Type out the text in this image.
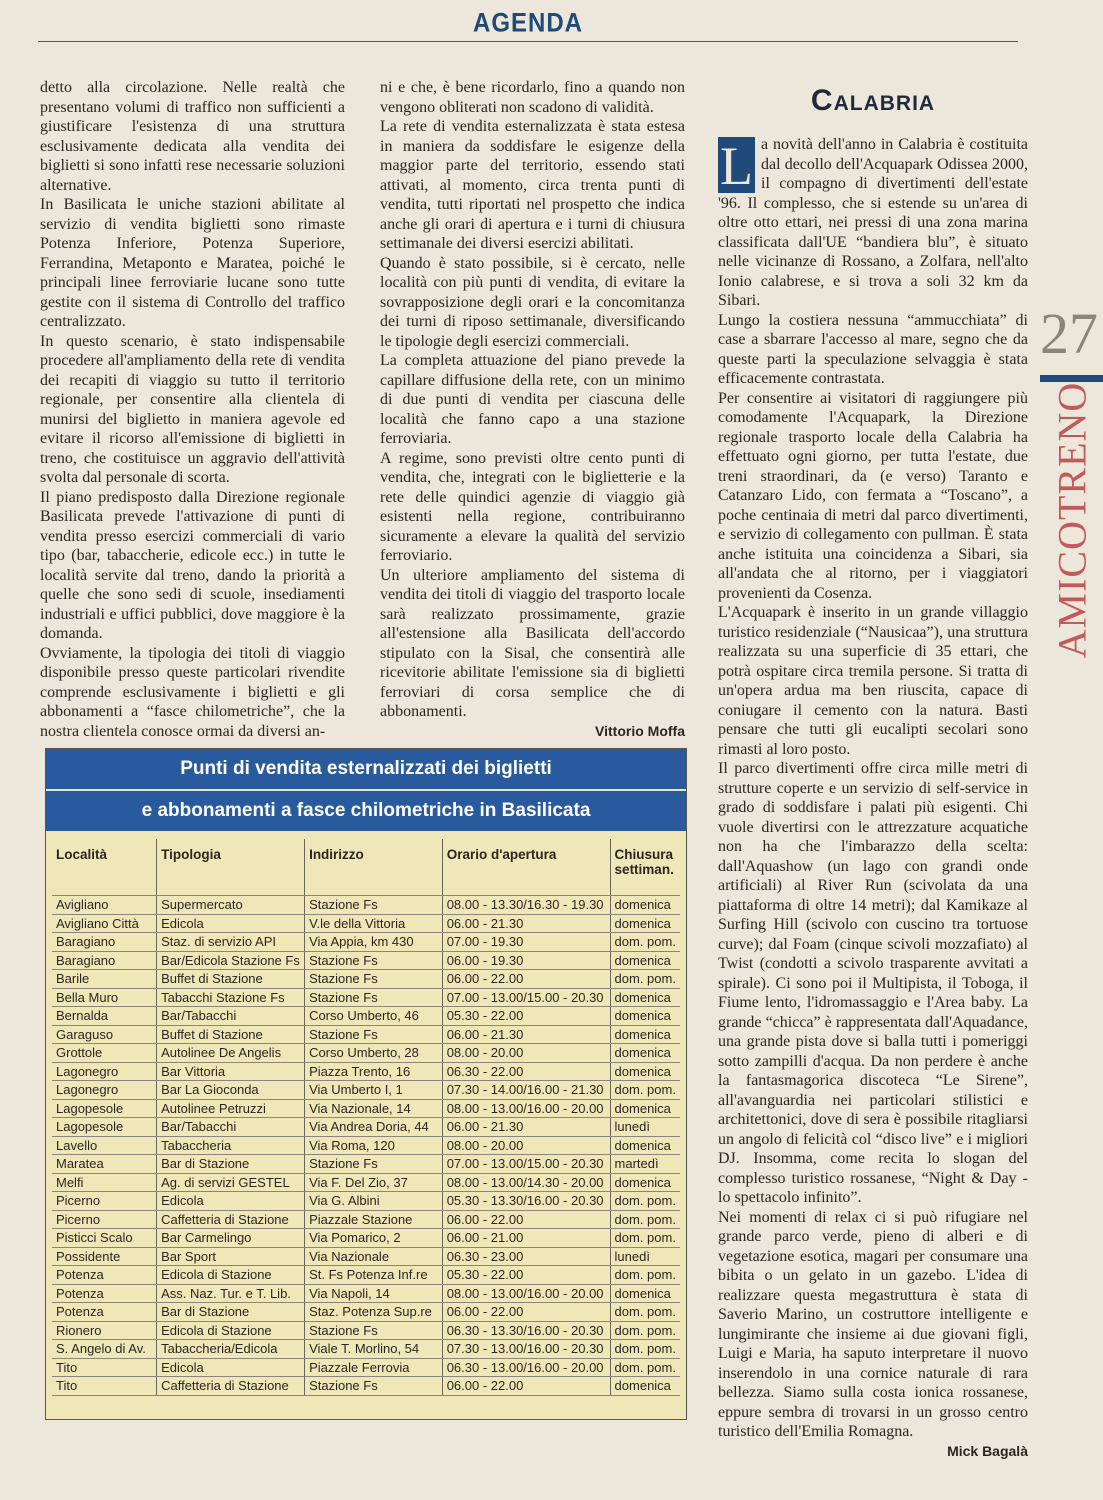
AGENDA

detto alla circolazione. Nelle realtà che presentano volumi di traffico non sufficienti a giustificare l'esistenza di una struttura esclusivamente dedicata alla vendita dei biglietti si sono infatti rese necessarie soluzioni alternative.

In Basilicata le uniche stazioni abilitate al servizio di vendita biglietti sono rimaste Potenza Inferiore, Potenza Superiore, Ferrandina, Metaponto e Maratea, poiché le principali linee ferroviarie lucane sono tutte gestite con il sistema di Controllo del traffico centralizzato.

In questo scenario, è stato indispensabile procedere all'ampliamento della rete di vendita dei recapiti di viaggio su tutto il territorio regionale, per consentire alla clientela di munirsi del biglietto in maniera agevole ed evitare il ricorso all'emissione di biglietti in treno, che costituisce un aggravio dell'attività svolta dal personale di scorta.

Il piano predisposto dalla Direzione regionale Basilicata prevede l'attivazione di punti di vendita presso esercizi commerciali di vario tipo (bar, tabaccherie, edicole ecc.) in tutte le località servite dal treno, dando la priorità a quelle che sono sedi di scuole, insediamenti industriali e uffici pubblici, dove maggiore è la domanda.

Ovviamente, la tipologia dei titoli di viaggio disponibile presso queste particolari rivendite comprende esclusivamente i biglietti e gli abbonamenti a “fasce chilometriche”, che la nostra clientela conosce ormai da diversi an-

ni e che, è bene ricordarlo, fino a quando non vengono obliterati non scadono di validità.

La rete di vendita esternalizzata è stata estesa in maniera da soddisfare le esigenze della maggior parte del territorio, essendo stati attivati, al momento, circa trenta punti di vendita, tutti riportati nel prospetto che indica anche gli orari di apertura e i turni di chiusura settimanale dei diversi esercizi abilitati.

Quando è stato possibile, si è cercato, nelle località con più punti di vendita, di evitare la sovrapposizione degli orari e la concomitanza dei turni di riposo settimanale, diversificando le tipologie degli esercizi commerciali.

La completa attuazione del piano prevede la capillare diffusione della rete, con un minimo di due punti di vendita per ciascuna delle località che fanno capo a una stazione ferroviaria.

A regime, sono previsti oltre cento punti di vendita, che, integrati con le biglietterie e la rete delle quindici agenzie di viaggio già esistenti nella regione, contribuiranno sicuramente a elevare la qualità del servizio ferroviario.

Un ulteriore ampliamento del sistema di vendita dei titoli di viaggio del trasporto locale sarà realizzato prossimamente, grazie all'estensione alla Basilicata dell'accordo stipulato con la Sisal, che consentirà alle ricevitorie abilitate l'emissione sia di biglietti ferroviari di corsa semplice che di abbonamenti.

Vittorio Moffa

Calabria

L a novità dell'anno in Calabria è costituita dal decollo dell'Acquapark Odissea 2000, il compagno di divertimenti dell'estate '96. Il complesso, che si estende su un'area di oltre otto ettari, nei pressi di una zona marina classificata dall'UE “bandiera blu”, è situato nelle vicinanze di Rossano, a Zolfara, nell'alto Ionio calabrese, e si trova a soli 32 km da Sibari.

Lungo la costiera nessuna “ammucchiata” di case a sbarrare l'accesso al mare, segno che da queste parti la speculazione selvaggia è stata efficacemente contrastata.

Per consentire ai visitatori di raggiungere più comodamente l'Acquapark, la Direzione regionale trasporto locale della Calabria ha effettuato ogni giorno, per tutta l'estate, due treni straordinari, da (e verso) Taranto e Catanzaro Lido, con fermata a “Toscano”, a poche centinaia di metri dal parco divertimenti, e servizio di collegamento con pullman. È stata anche istituita una coincidenza a Sibari, sia all'andata che al ritorno, per i viaggiatori provenienti da Cosenza.

L'Acquapark è inserito in un grande villaggio turistico residenziale (“Nausicaa”), una struttura realizzata su una superficie di 35 ettari, che potrà ospitare circa tremila persone. Si tratta di un'opera ardua ma ben riuscita, capace di coniugare il cemento con la natura. Basti pensare che tutti gli eucalipti secolari sono rimasti al loro posto.

Il parco divertimenti offre circa mille metri di strutture coperte e un servizio di self-service in grado di soddisfare i palati più esigenti. Chi vuole divertirsi con le attrezzature acquatiche non ha che l'imbarazzo della scelta: dall'Aquashow (un lago con grandi onde artificiali) al River Run (scivolata da una piattaforma di oltre 14 metri); dal Kamikaze al Surfing Hill (scivolo con cuscino tra tortuose curve); dal Foam (cinque scivoli mozzafiato) al Twist (condotti a scivolo trasparente avvitati a spirale). Ci sono poi il Multipista, il Toboga, il Fiume lento, l'idromassaggio e l'Area baby. La grande “chicca” è rappresentata dall'Aquadance, una grande pista dove si balla tutti i pomeriggi sotto zampilli d'acqua. Da non perdere è anche la fantasmagorica discoteca “Le Sirene”, all'avanguardia nei particolari stilistici e architettonici, dove di sera è possibile ritagliarsi un angolo di felicità col “disco live” e i migliori DJ. Insomma, come recita lo slogan del complesso turistico rossanese, “Night & Day - lo spettacolo infinito”.

Nei momenti di relax ci si può rifugiare nel grande parco verde, pieno di alberi e di vegetazione esotica, magari per consumare una bibita o un gelato in un gazebo. L'idea di realizzare questa megastruttura è stata di Saverio Marino, un costruttore intelligente e lungimirante che insieme ai due giovani figli, Luigi e Maria, ha saputo interpretare il nuovo inserendolo in una cornice naturale di rara bellezza. Siamo sulla costa ionica rossanese, eppure sembra di trovarsi in un grosso centro turistico dell'Emilia Romagna.

Mick Bagalà

27
AMICOTRENO
Punti di vendita esternalizzati dei biglietti
e abbonamenti a fasce chilometriche in Basilicata
Località	Tipologia	Indirizzo	Orario d'apertura	Chiusura settiman.

Avigliano	Supermercato	Stazione Fs	08.00 - 13.30/16.30 - 19.30	domenica
Avigliano Città	Edicola	V.le della Vittoria	06.00 - 21.30	domenica
Baragiano	Staz. di servizio API	Via Appia, km 430	07.00 - 19.30	dom. pom.
Baragiano	Bar/Edicola Stazione Fs	Stazione Fs	06.00 - 19.30	domenica
Barile	Buffet di Stazione	Stazione Fs	06.00 - 22.00	dom. pom.
Bella Muro	Tabacchi Stazione Fs	Stazione Fs	07.00 - 13.00/15.00 - 20.30	domenica
Bernalda	Bar/Tabacchi	Corso Umberto, 46	05.30 - 22.00	domenica
Garaguso	Buffet di Stazione	Stazione Fs	06.00 - 21.30	domenica
Grottole	Autolinee De Angelis	Corso Umberto, 28	08.00 - 20.00	domenica
Lagonegro	Bar Vittoria	Piazza Trento, 16	06.30 - 22.00	domenica
Lagonegro	Bar La Gioconda	Via Umberto I, 1	07.30 - 14.00/16.00 - 21.30	dom. pom.
Lagopesole	Autolinee Petruzzi	Via Nazionale, 14	08.00 - 13.00/16.00 - 20.00	domenica
Lagopesole	Bar/Tabacchi	Via Andrea Doria, 44	06.00 - 21.30	lunedì
Lavello	Tabaccheria	Via Roma, 120	08.00 - 20.00	domenica
Maratea	Bar di Stazione	Stazione Fs	07.00 - 13.00/15.00 - 20.30	martedì
Melfi	Ag. di servizi GESTEL	Via F. Del Zio, 37	08.00 - 13.00/14.30 - 20.00	domenica
Picerno	Edicola	Via G. Albini	05.30 - 13.30/16.00 - 20.30	dom. pom.
Picerno	Caffetteria di Stazione	Piazzale Stazione	06.00 - 22.00	dom. pom.
Pisticci Scalo	Bar Carmelingo	Via Pomarico, 2	06.00 - 21.00	dom. pom.
Possidente	Bar Sport	Via Nazionale	06.30 - 23.00	lunedì
Potenza	Edicola di Stazione	St. Fs Potenza Inf.re	05.30 - 22.00	dom. pom.
Potenza	Ass. Naz. Tur. e T. Lib.	Via Napoli, 14	08.00 - 13.00/16.00 - 20.00	domenica
Potenza	Bar di Stazione	Staz. Potenza Sup.re	06.00 - 22.00	dom. pom.
Rionero	Edicola di Stazione	Stazione Fs	06.30 - 13.30/16.00 - 20.30	dom. pom.
S. Angelo di Av.	Tabaccheria/Edicola	Viale T. Morlino, 54	07.30 - 13.00/16.00 - 20.30	dom. pom.
Tito	Edicola	Piazzale Ferrovia	06.30 - 13.00/16.00 - 20.00	dom. pom.
Tito	Caffetteria di Stazione	Stazione Fs	06.00 - 22.00	domenica
